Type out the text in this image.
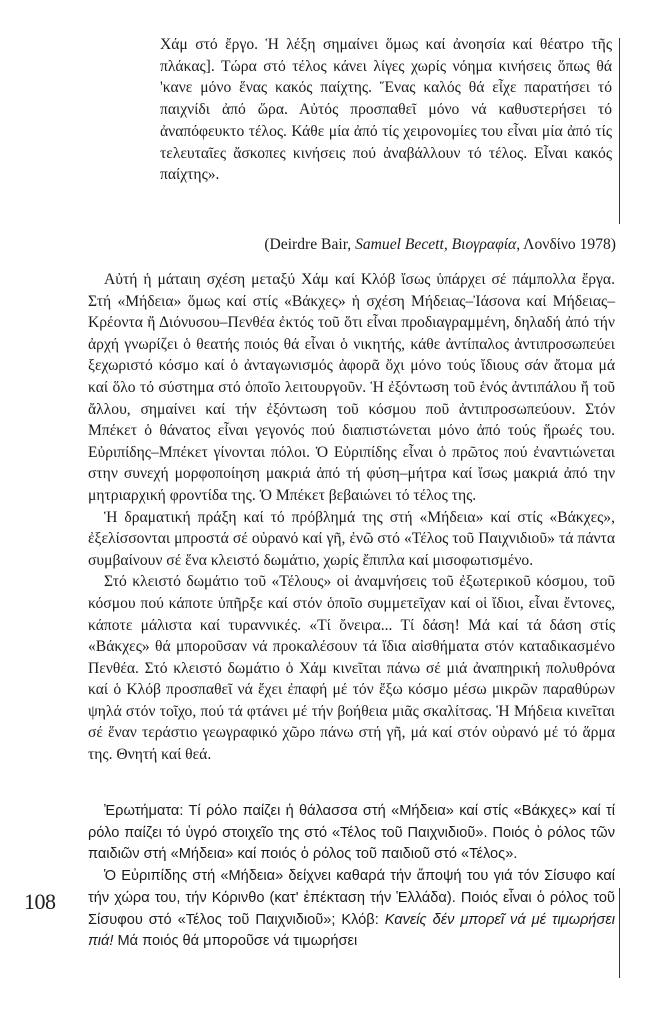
Χάμ στό ἔργο. Ἡ λέξη σημαίνει ὅμως καί ἀνοησία καί θέατρο τῆς πλάκας]. Τώρα στό τέλος κάνει λίγες χωρίς νόημα κινήσεις ὅπως θά 'κανε μόνο ἕνας κακός παίχτης. Ἕνας καλός θά εἶχε παρατήσει τό παιχνίδι ἀπό ὥρα. Αὐτός προσπαθεῖ μόνο νά καθυστερήσει τό ἀναπόφευκτο τέλος. Κάθε μία ἀπό τίς χειρονομίες του εἶναι μία ἀπό τίς τελευταῖες ἄσκοπες κινήσεις πού ἀναβάλλουν τό τέλος. Εἶναι κακός παίχτης».

(Deirdre Bair, Samuel Becett, Βιογραφία, Λονδίνο 1978)

Αὐτή ἡ μάταιη σχέση μεταξύ Χάμ καί Κλόβ ἴσως ὑπάρχει σέ πάμπολλα ἔργα. Στή «Μήδεια» ὅμως καί στίς «Βάκχες» ἡ σχέση Μήδειας–Ἰάσονα καί Μήδειας–Κρέοντα ἤ Διόνυσου–Πενθέα ἐκτός τοῦ ὅτι εἶναι προδιαγραμμένη, δηλαδή ἀπό τήν ἀρχή γνωρίζει ὁ θεατής ποιός θά εἶναι ὁ νικητής, κάθε ἀντίπαλος ἀντιπροσωπεύει ξεχωριστό κόσμο καί ὁ ἀνταγωνισμός ἀφορᾶ ὄχι μόνο τούς ἴδιους σάν ἄτομα μά καί ὅλο τό σύστημα στό ὁποῖο λειτουργοῦν. Ἡ ἐξόντωση τοῦ ἑνός ἀντιπάλου ἤ τοῦ ἄλλου, σημαίνει καί τήν ἐξόντωση τοῦ κόσμου ποῦ ἀντιπροσωπεύουν. Στόν Μπέκετ ὁ θάνατος εἶναι γεγονός πού διαπιστώνεται μόνο ἀπό τούς ἥρωές του. Εὐριπίδης–Μπέκετ γίνονται πόλοι. Ὁ Εὐριπίδης εἶναι ὁ πρῶτος πού ἐναντιώνεται στην συνεχή μορφοποίηση μακριά ἀπό τή φύση–μήτρα καί ἴσως μακριά ἀπό την μητριαρχική φροντίδα της. Ὁ Μπέκετ βεβαιώνει τό τέλος της.

Ἡ δραματική πράξη καί τό πρόβλημά της στή «Μήδεια» καί στίς «Βάκχες», ἐξελίσσονται μπροστά σέ οὐρανό καί γῆ, ἐνῶ στό «Τέλος τοῦ Παιχνιδιοῦ» τά πάντα συμβαίνουν σέ ἕνα κλειστό δωμάτιο, χωρίς ἔπιπλα καί μισοφωτισμένο.

Στό κλειστό δωμάτιο τοῦ «Τέλους» οἱ ἀναμνήσεις τοῦ ἐξωτερικοῦ κόσμου, τοῦ κόσμου πού κάποτε ὑπῆρξε καί στόν ὁποῖο συμμετεῖχαν καί οἱ ἴδιοι, εἶναι ἔντονες, κάποτε μάλιστα καί τυραννικές. «Τί ὄνειρα... Τί δάση! Μά καί τά δάση στίς «Βάκχες» θά μποροῦσαν νά προκαλέσουν τά ἴδια αἰσθήματα στόν καταδικασμένο Πενθέα. Στό κλειστό δωμάτιο ὁ Χάμ κινεῖται πάνω σέ μιά ἀναπηρική πολυθρόνα καί ὁ Κλόβ προσπαθεῖ νά ἔχει ἐπαφή μέ τόν ἔξω κόσμο μέσω μικρῶν παραθύρων ψηλά στόν τοῖχο, πού τά φτάνει μέ τήν βοήθεια μιᾶς σκαλίτσας. Ἡ Μήδεια κινεῖται σέ ἕναν τεράστιο γεωγραφικό χῶρο πάνω στή γῆ, μά καί στόν οὐρανό μέ τό ἅρμα της. Θνητή καί θεά.

Ἐρωτήματα: Τί ρόλο παίζει ἡ θάλασσα στή «Μήδεια» καί στίς «Βάκχες» καί τί ρόλο παίζει τό ὑγρό στοιχεῖο της στό «Τέλος τοῦ Παιχνιδιοῦ». Ποιός ὁ ρόλος τῶν παιδιῶν στή «Μήδεια» καί ποιός ὁ ρόλος τοῦ παιδιοῦ στό «Τέλος».

Ὁ Εὐριπίδης στή «Μήδεια» δείχνει καθαρά τήν ἄποψή του γιά τόν Σίσυφο καί τήν χώρα του, τήν Κόρινθο (κατ' ἐπέκταση τήν Ἑλλάδα). Ποιός εἶναι ὁ ρόλος τοῦ Σίσυφου στό «Τέλος τοῦ Παιχνιδιοῦ»; Κλόβ: Καvείς δέν μπορεῖ νά μέ τιμωρήσει πιά! Μά ποιός θά μποροῦσε νά τιμωρήσει

108
